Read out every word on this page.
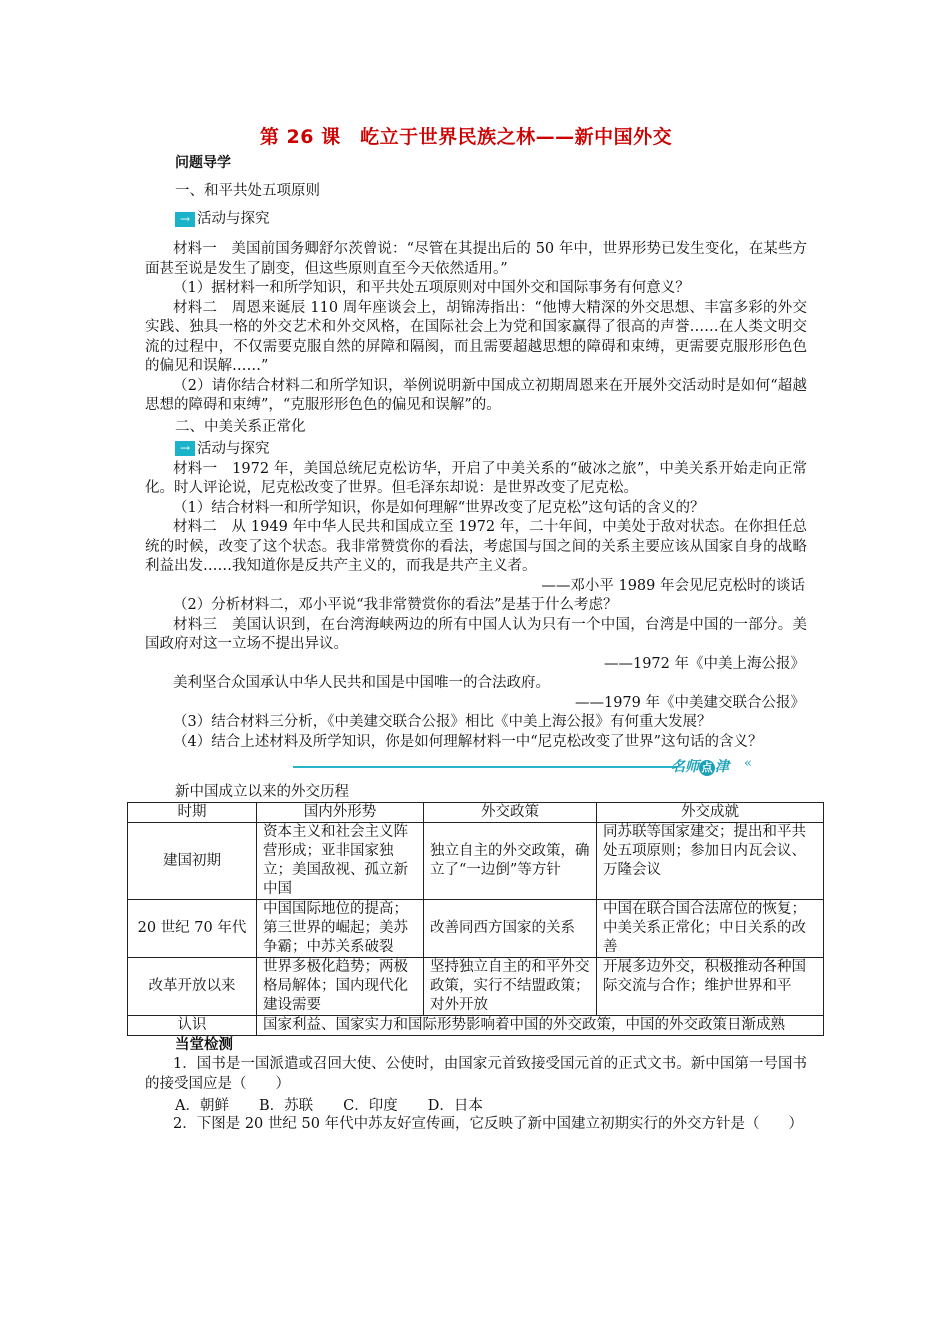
第 26 课　屹立于世界民族之林——新中国外交
问题导学
一、和平共处五项原则
→ 活动与探究

材料一　美国前国务卿舒尔茨曾说：“尽管在其提出后的 50 年中，世界形势已发生变化，在某些方面甚至说是发生了剧变，但这些原则直至今天依然适用。”

（1）据材料一和所学知识，和平共处五项原则对中国外交和国际事务有何意义？

材料二　周恩来诞辰 110 周年座谈会上，胡锦涛指出：“他博大精深的外交思想、丰富多彩的外交实践、独具一格的外交艺术和外交风格，在国际社会上为党和国家赢得了很高的声誉……在人类文明交流的过程中，不仅需要克服自然的屏障和隔阂，而且需要超越思想的障碍和束缚，更需要克服形形色色的偏见和误解……”

（2）请你结合材料二和所学知识，举例说明新中国成立初期周恩来在开展外交活动时是如何“超越思想的障碍和束缚”，“克服形形色色的偏见和误解”的。

二、中美关系正常化
→ 活动与探究

材料一　1972 年，美国总统尼克松访华，开启了中美关系的“破冰之旅”，中美关系开始走向正常化。时人评论说，尼克松改变了世界。但毛泽东却说：是世界改变了尼克松。

（1）结合材料一和所学知识，你是如何理解“世界改变了尼克松”这句话的含义的？

材料二　从 1949 年中华人民共和国成立至 1972 年，二十年间，中美处于敌对状态。在你担任总统的时候，改变了这个状态。我非常赞赏你的看法，考虑国与国之间的关系主要应该从国家自身的战略利益出发……我知道你是反共产主义的，而我是共产主义者。

——邓小平 1989 年会见尼克松时的谈话

（2）分析材料二，邓小平说“我非常赞赏你的看法”是基于什么考虑？

材料三　美国认识到，在台湾海峡两边的所有中国人认为只有一个中国，台湾是中国的一部分。美国政府对这一立场不提出异议。

——1972 年《中美上海公报》

美利坚合众国承认中华人民共和国是中国唯一的合法政府。

——1979 年《中美建交联合公报》

（3）结合材料三分析，《中美建交联合公报》相比《中美上海公报》有何重大发展？

（4）结合上述材料及所学知识，你是如何理解材料一中“尼克松改变了世界”这句话的含义？

名师 点 津 «
新中国成立以来的外交历程
时期	国内外形势	外交政策	外交成就
建国初期	资本主义和社会主义阵营形成；亚非国家独立；美国敌视、孤立新中国	独立自主的外交政策，确立了“一边倒”等方针	同苏联等国家建交；提出和平共处五项原则；参加日内瓦会议、万隆会议
20 世纪 70 年代	中国国际地位的提高；第三世界的崛起；美苏争霸；中苏关系破裂	改善同西方国家的关系	中国在联合国合法席位的恢复；中美关系正常化；中日关系的改善
改革开放以来	世界多极化趋势；两极格局解体；国内现代化建设需要	坚持独立自主的和平外交政策，实行不结盟政策；对外开放	开展多边外交，积极推动各种国际交流与合作；维护世界和平
认识	国家利益、国家实力和国际形势影响着中国的外交政策，中国的外交政策日渐成熟		
当堂检测

1．国书是一国派遣或召回大使、公使时，由国家元首致接受国元首的正式文书。新中国第一号国书的接受国应是（　　）

A．朝鲜 B．苏联 C．印度 D．日本

2．下图是 20 世纪 50 年代中苏友好宣传画，它反映了新中国建立初期实行的外交方针是（　　）
